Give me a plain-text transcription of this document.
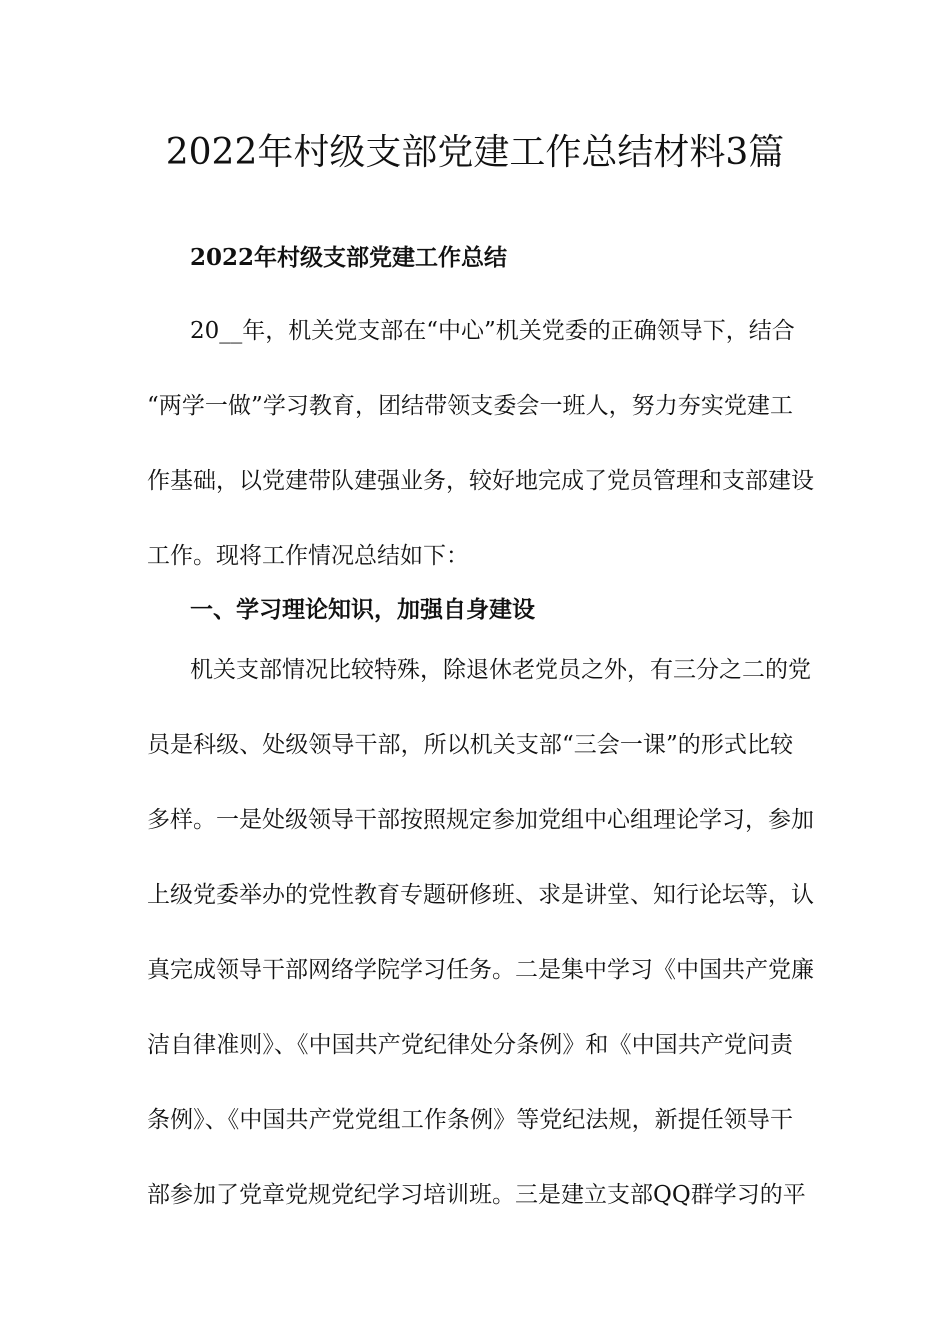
2022年村级支部党建工作总结材料3篇

2022年村级支部党建工作总结

20__年，机关党支部在“中心”机关党委的正确领导下，结合

“两学一做”学习教育，团结带领支委会一班人，努力夯实党建工

作基础，以党建带队建强业务，较好地完成了党员管理和支部建设

工作。现将工作情况总结如下：

一、学习理论知识，加强自身建设

机关支部情况比较特殊，除退休老党员之外，有三分之二的党

员是科级、处级领导干部，所以机关支部“三会一课”的形式比较

多样。一是处级领导干部按照规定参加党组中心组理论学习，参加

上级党委举办的党性教育专题研修班、求是讲堂、知行论坛等，认

真完成领导干部网络学院学习任务。二是集中学习《中国共产党廉

洁自律准则》、《中国共产党纪律处分条例》和《中国共产党问责

条例》、《中国共产党党组工作条例》等党纪法规，新提任领导干

部参加了党章党规党纪学习培训班。三是建立支部QQ群学习的平
